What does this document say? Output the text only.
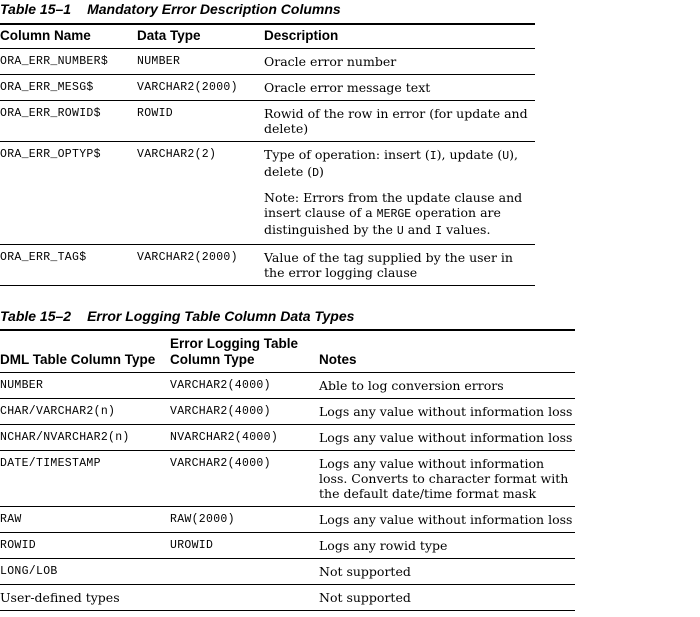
Table 15–1 Mandatory Error Description Columns
Column Name	Data Type	Description
ORA_ERR_NUMBER$	NUMBER	Oracle error number
ORA_ERR_MESG$	VARCHAR2(2000)	Oracle error message text
ORA_ERR_ROWID$	ROWID	Rowid of the row in error (for update and delete)
ORA_ERR_OPTYP$	VARCHAR2(2)	Type of operation: insert (I), update (U), delete (D)
Note: Errors from the update clause and insert clause of a MERGE operation are distinguished by the U and I values.

ORA_ERR_TAG$	VARCHAR2(2000)	Value of the tag supplied by the user in the error logging clause
Table 15–2 Error Logging Table Column Data Types
DML Table Column Type	Error Logging Table Column Type	Notes
NUMBER	VARCHAR2(4000)	Able to log conversion errors
CHAR/VARCHAR2(n)	VARCHAR2(4000)	Logs any value without information loss
NCHAR/NVARCHAR2(n)	NVARCHAR2(4000)	Logs any value without information loss
DATE/TIMESTAMP	VARCHAR2(4000)	Logs any value without information loss. Converts to character format with the default date/time format mask
RAW	RAW(2000)	Logs any value without information loss
ROWID	UROWID	Logs any rowid type
LONG/LOB		Not supported
User-defined types		Not supported
